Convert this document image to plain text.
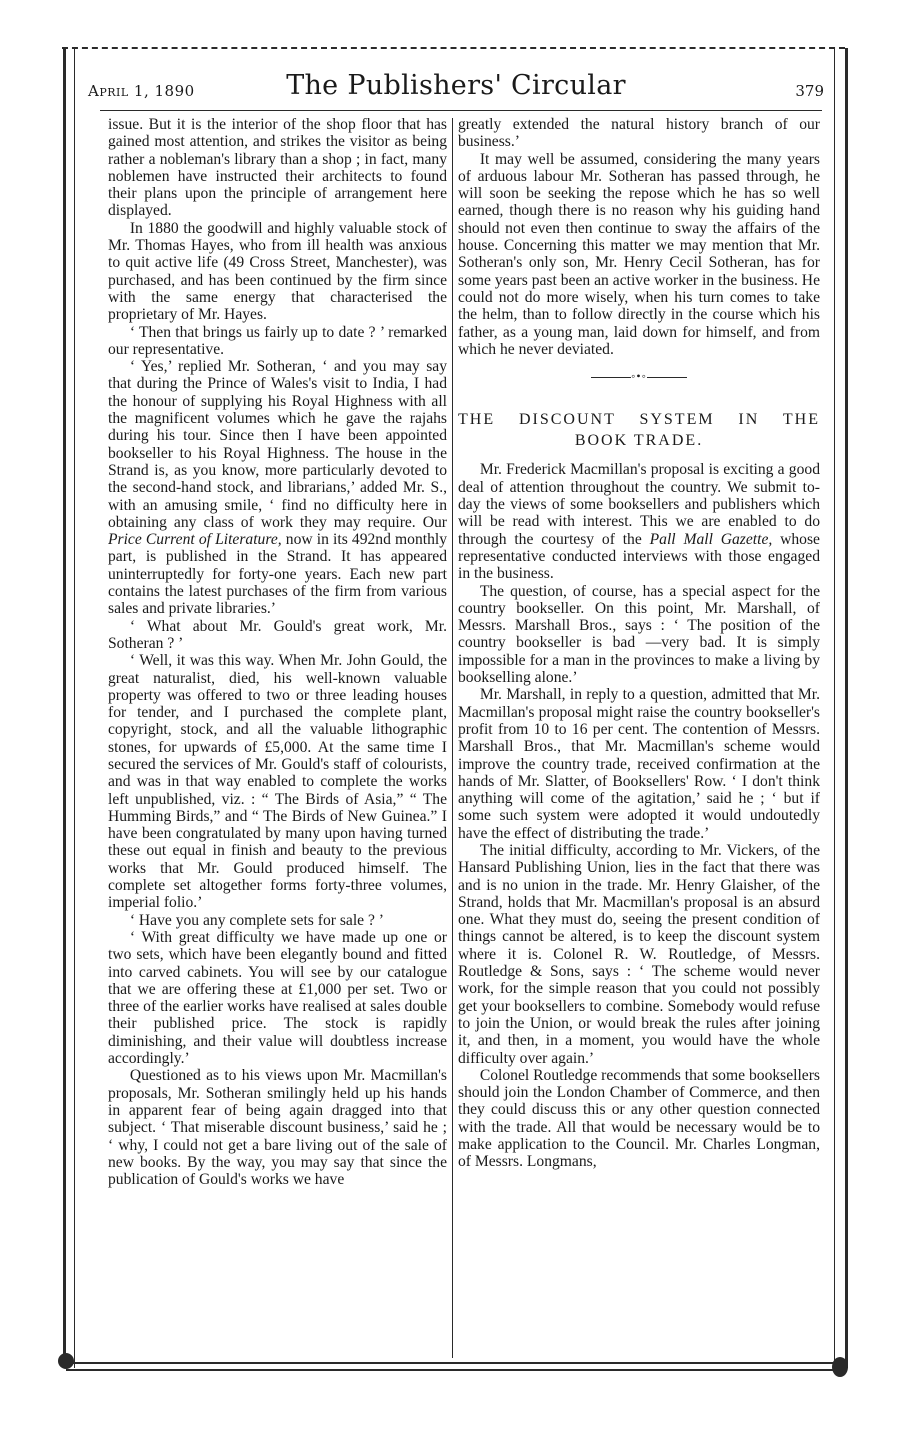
April 1, 1890	The Publishers' Circular	379

issue. But it is the interior of the shop floor that has gained most attention, and strikes the visitor as being rather a nobleman's library than a shop ; in fact, many noblemen have instructed their architects to found their plans upon the principle of arrangement here displayed.

In 1880 the goodwill and highly valuable stock of Mr. Thomas Hayes, who from ill health was anxious to quit active life (49 Cross Street, Manchester), was purchased, and has been continued by the firm since with the same energy that characterised the proprietary of Mr. Hayes.

‘ Then that brings us fairly up to date ? ’ remarked our representative.

‘ Yes,’ replied Mr. Sotheran, ‘ and you may say that during the Prince of Wales's visit to India, I had the honour of supplying his Royal Highness with all the magnificent volumes which he gave the rajahs during his tour. Since then I have been appointed bookseller to his Royal Highness. The house in the Strand is, as you know, more particularly devoted to the second-hand stock, and librarians,’ added Mr. S., with an amusing smile, ‘ find no difficulty here in obtaining any class of work they may require. Our Price Current of Literature, now in its 492nd monthly part, is published in the Strand. It has appeared uninterruptedly for forty-one years. Each new part contains the latest purchases of the firm from various sales and private libraries.’

‘ What about Mr. Gould's great work, Mr. Sotheran ? ’

‘ Well, it was this way. When Mr. John Gould, the great naturalist, died, his well-known valuable property was offered to two or three leading houses for tender, and I purchased the complete plant, copyright, stock, and all the valuable lithographic stones, for upwards of £5,000. At the same time I secured the services of Mr. Gould's staff of colourists, and was in that way enabled to complete the works left unpublished, viz. : “ The Birds of Asia,” “ The Humming Birds,” and “ The Birds of New Guinea.” I have been congratulated by many upon having turned these out equal in finish and beauty to the previous works that Mr. Gould produced himself. The complete set altogether forms forty-three volumes, imperial folio.’

‘ Have you any complete sets for sale ? ’

‘ With great difficulty we have made up one or two sets, which have been elegantly bound and fitted into carved cabinets. You will see by our catalogue that we are offering these at £1,000 per set. Two or three of the earlier works have realised at sales double their published price. The stock is rapidly diminishing, and their value will doubtless increase accordingly.’

Questioned as to his views upon Mr. Macmillan's proposals, Mr. Sotheran smilingly held up his hands in apparent fear of being again dragged into that subject. ‘ That miserable discount business,’ said he ; ‘ why, I could not get a bare living out of the sale of new books. By the way, you may say that since the publication of Gould's works we have

greatly extended the natural history branch of our business.’

It may well be assumed, considering the many years of arduous labour Mr. Sotheran has passed through, he will soon be seeking the repose which he has so well earned, though there is no reason why his guiding hand should not even then continue to sway the affairs of the house. Concerning this matter we may mention that Mr. Sotheran's only son, Mr. Henry Cecil Sotheran, has for some years past been an active worker in the business. He could not do more wisely, when his turn comes to take the helm, than to follow directly in the course which his father, as a young man, laid down for himself, and from which he never deviated.

◦•◦
THE DISCOUNT SYSTEM IN THE
BOOK TRADE.

Mr. Frederick Macmillan's proposal is exciting a good deal of attention throughout the country. We submit to-day the views of some booksellers and publishers which will be read with interest. This we are enabled to do through the courtesy of the Pall Mall Gazette, whose representative conducted interviews with those engaged in the business.

The question, of course, has a special aspect for the country bookseller. On this point, Mr. Marshall, of Messrs. Marshall Bros., says : ‘ The position of the country bookseller is bad —very bad. It is simply impossible for a man in the provinces to make a living by bookselling alone.’

Mr. Marshall, in reply to a question, admitted that Mr. Macmillan's proposal might raise the country bookseller's profit from 10 to 16 per cent. The contention of Messrs. Marshall Bros., that Mr. Macmillan's scheme would improve the country trade, received confirmation at the hands of Mr. Slatter, of Booksellers' Row. ‘ I don't think anything will come of the agitation,’ said he ; ‘ but if some such system were adopted it would undoutedly have the effect of distributing the trade.’

The initial difficulty, according to Mr. Vickers, of the Hansard Publishing Union, lies in the fact that there was and is no union in the trade. Mr. Henry Glaisher, of the Strand, holds that Mr. Macmillan's proposal is an absurd one. What they must do, seeing the present condition of things cannot be altered, is to keep the discount system where it is. Colonel R. W. Routledge, of Messrs. Routledge & Sons, says : ‘ The scheme would never work, for the simple reason that you could not possibly get your booksellers to combine. Somebody would refuse to join the Union, or would break the rules after joining it, and then, in a moment, you would have the whole difficulty over again.’

Colonel Routledge recommends that some booksellers should join the London Chamber of Commerce, and then they could discuss this or any other question connected with the trade. All that would be necessary would be to make application to the Council. Mr. Charles Longman, of Messrs. Longmans,
